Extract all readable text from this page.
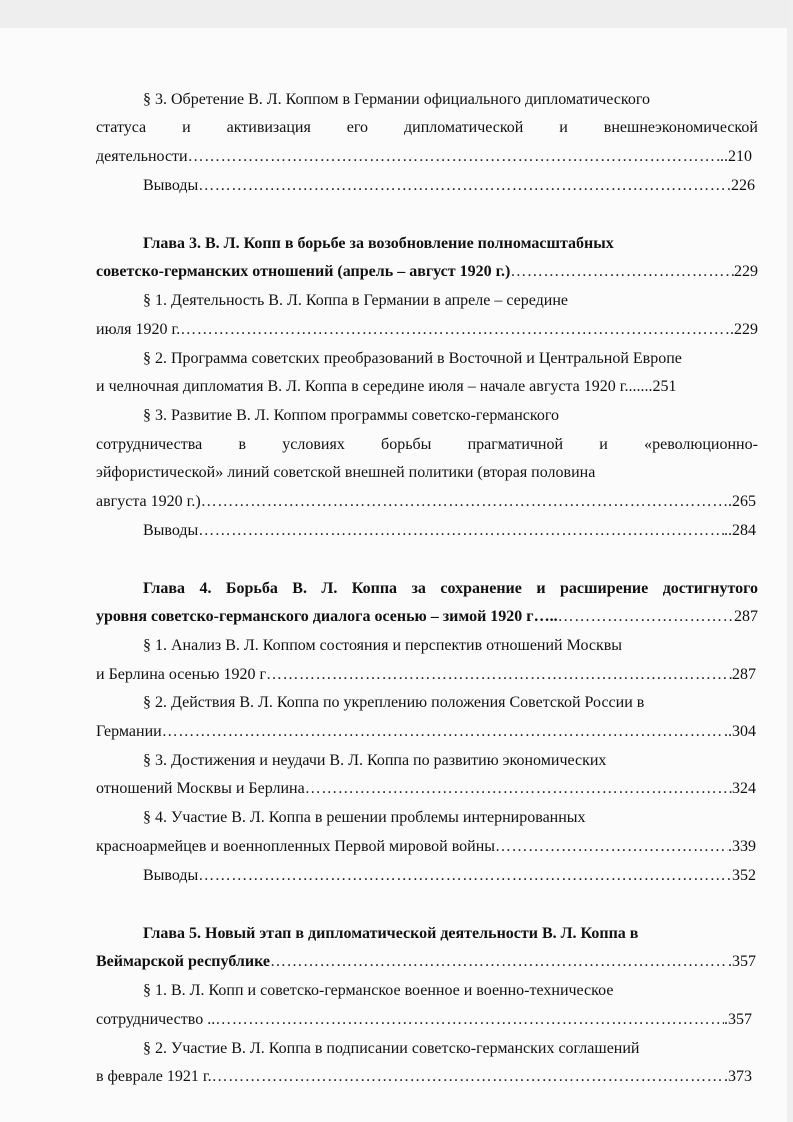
§ 3. Обретение В. Л. Коппом в Германии официального дипломатического
статуса и активизация его дипломатической и внешнеэкономической
деятельности ………………………………………………………………………………………………………………………………………………………………………………………………………	..210
Выводы ………………………………………………………………………………………………………………………………………………………………………………………………………	226
Глава 3. В. Л. Копп в борьбе за возобновление полномасштабных
советско-германских отношений (апрель – август 1920 г.) ………………………………………………………………………………………………………………………………………………………………………………………………………	229
§ 1. Деятельность В. Л. Коппа в Германии в апреле – середине
июля 1920 г. ………………………………………………………………………………………………………………………………………………………………………………………………………	.229
§ 2. Программа советских преобразований в Восточной и Центральной Европе
и челночная дипломатия В. Л. Коппа в середине июля – начале августа 1920 г.......251
§ 3. Развитие В. Л. Коппом программы советско-германского
сотрудничества в условиях борьбы прагматичной и «революционно-
эйфористической» линий советской внешней политики (вторая половина
августа 1920 г.) ………………………………………………………………………………………………………………………………………………………………………………………………………	.265
Выводы ………………………………………………………………………………………………………………………………………………………………………………………………………	..284
Глава 4. Борьба В. Л. Коппа за сохранение и расширение достигнутого
уровня советско-германского диалога осенью – зимой 1920 г….. ………………………………………………………………………………………………………………………………………………………………………………………………………	287
§ 1. Анализ В. Л. Коппом состояния и перспектив отношений Москвы
и Берлина осенью 1920 г ………………………………………………………………………………………………………………………………………………………………………………………………………	287
§ 2. Действия В. Л. Коппа по укреплению положения Советской России в
Германии ………………………………………………………………………………………………………………………………………………………………………………………………………	..304
§ 3. Достижения и неудачи В. Л. Коппа по развитию экономических
отношений Москвы и Берлина ………………………………………………………………………………………………………………………………………………………………………………………………………	324
§ 4. Участие В. Л. Коппа в решении проблемы интернированных
красноармейцев и военнопленных Первой мировой войны ………………………………………………………………………………………………………………………………………………………………………………………………………	.339
Выводы ………………………………………………………………………………………………………………………………………………………………………………………………………	352
Глава 5. Новый этап в дипломатической деятельности В. Л. Коппа в
Веймарской республике ………………………………………………………………………………………………………………………………………………………………………………………………………	.357
§ 1. В. Л. Копп и советско-германское военное и военно-техническое
сотрудничество .. ………………………………………………………………………………………………………………………………………………………………………………………………………	.357
§ 2. Участие В. Л. Коппа в подписании советско-германских соглашений
в феврале 1921 г. ………………………………………………………………………………………………………………………………………………………………………………………………………	.373
